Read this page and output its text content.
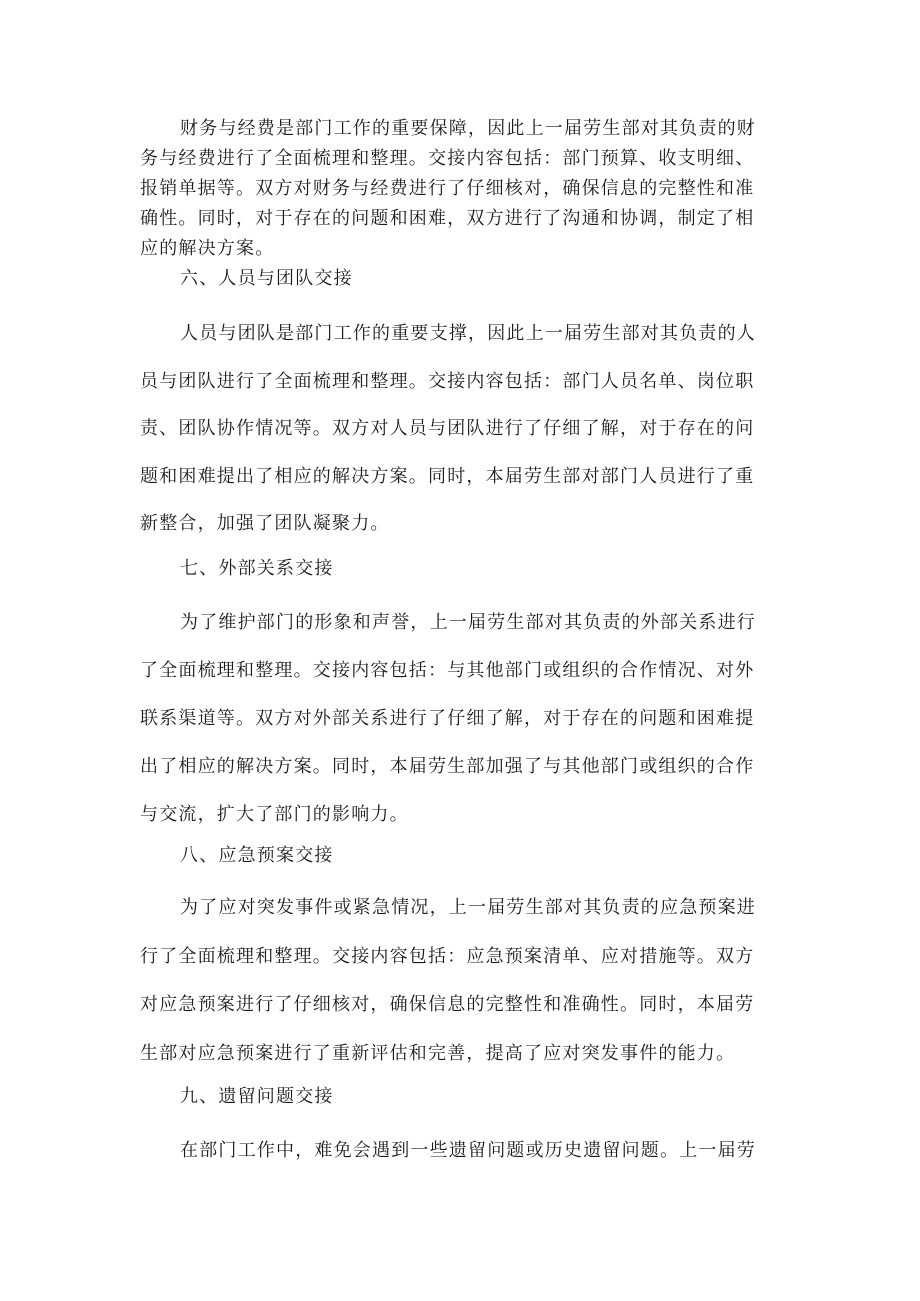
财务与经费是部门工作的重要保障，因此上一届劳生部对其负责的财
务与经费进行了全面梳理和整理。交接内容包括：部门预算、收支明细、
报销单据等。双方对财务与经费进行了仔细核对，确保信息的完整性和准
确性。同时，对于存在的问题和困难，双方进行了沟通和协调，制定了相
应的解决方案。

六、人员与团队交接

人员与团队是部门工作的重要支撑，因此上一届劳生部对其负责的人
员与团队进行了全面梳理和整理。交接内容包括：部门人员名单、岗位职
责、团队协作情况等。双方对人员与团队进行了仔细了解，对于存在的问
题和困难提出了相应的解决方案。同时，本届劳生部对部门人员进行了重
新整合，加强了团队凝聚力。

七、外部关系交接

为了维护部门的形象和声誉，上一届劳生部对其负责的外部关系进行
了全面梳理和整理。交接内容包括：与其他部门或组织的合作情况、对外
联系渠道等。双方对外部关系进行了仔细了解，对于存在的问题和困难提
出了相应的解决方案。同时，本届劳生部加强了与其他部门或组织的合作
与交流，扩大了部门的影响力。

八、应急预案交接

为了应对突发事件或紧急情况，上一届劳生部对其负责的应急预案进
行了全面梳理和整理。交接内容包括：应急预案清单、应对措施等。双方
对应急预案进行了仔细核对，确保信息的完整性和准确性。同时，本届劳
生部对应急预案进行了重新评估和完善，提高了应对突发事件的能力。

九、遗留问题交接

在部门工作中，难免会遇到一些遗留问题或历史遗留问题。上一届劳
